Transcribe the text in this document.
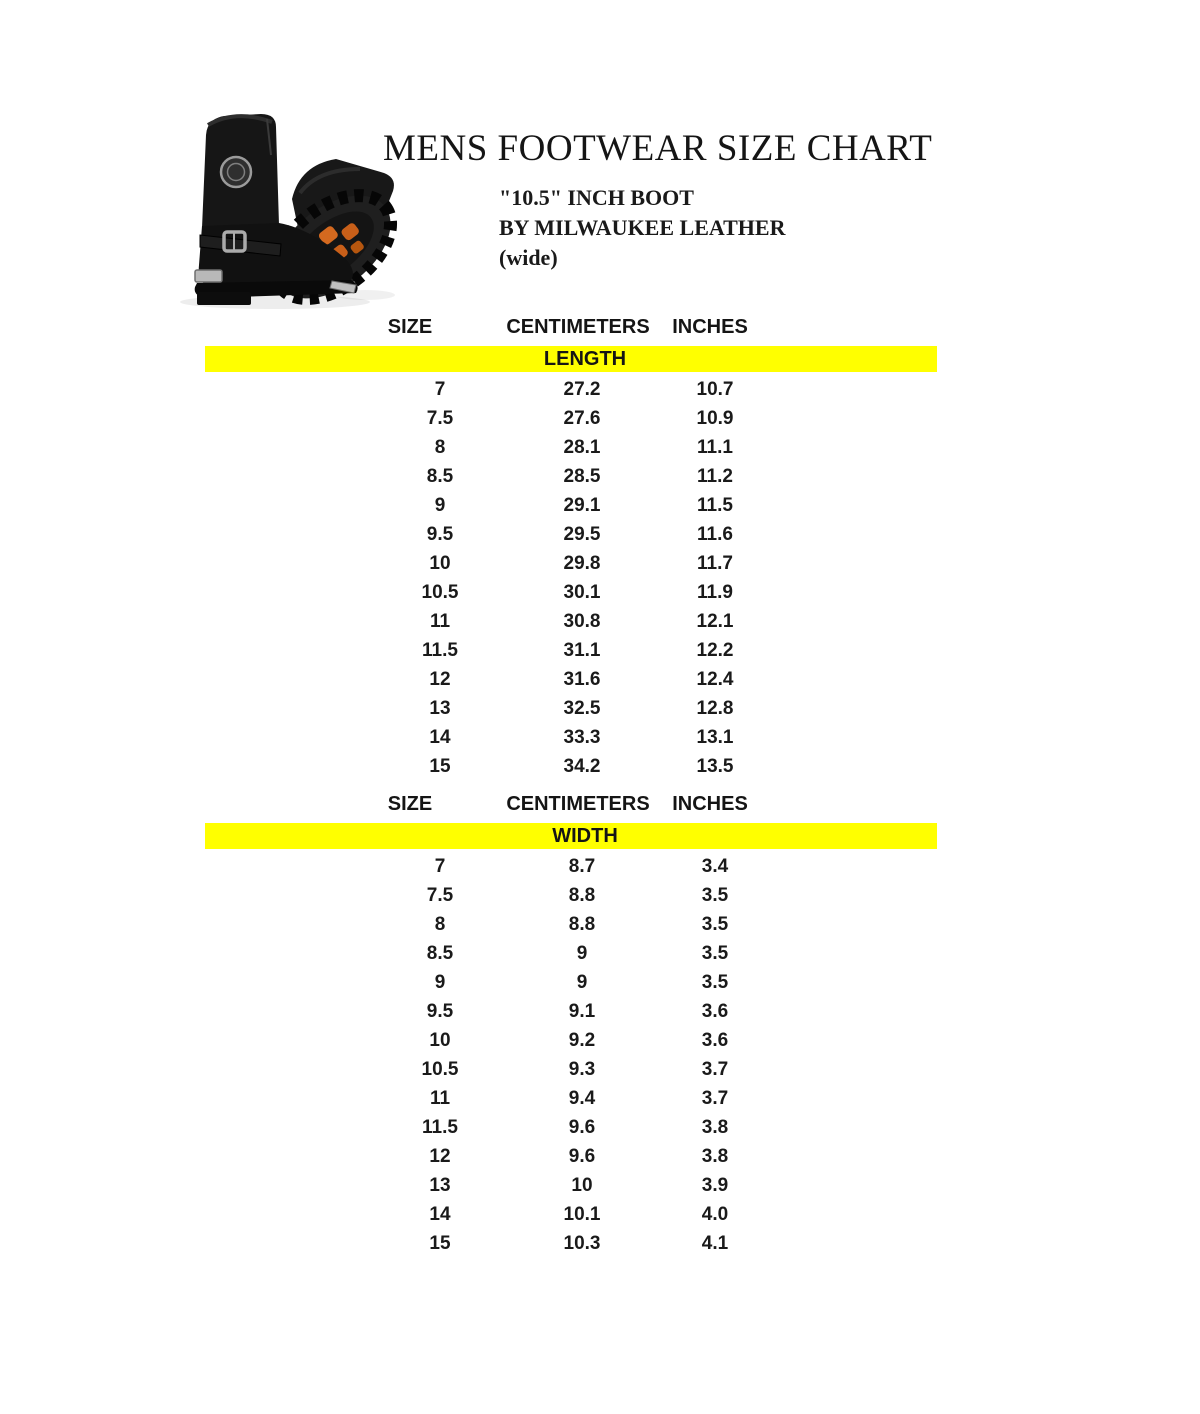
MENS FOOTWEAR SIZE CHART
"10.5" INCH BOOT
BY MILWAUKEE LEATHER
(wide)
SIZE	CENTIMETERS INCHES
LENGTH
7	27.2	10.7
7.5	27.6	10.9
8	28.1	11.1
8.5	28.5	11.2
9	29.1	11.5
9.5	29.5	11.6
10	29.8	11.7
10.5	30.1	11.9
11	30.8	12.1
11.5	31.1	12.2
12	31.6	12.4
13	32.5	12.8
14	33.3	13.1
15	34.2	13.5
SIZE	CENTIMETERS INCHES
WIDTH
7	8.7	3.4
7.5	8.8	3.5
8	8.8	3.5
8.5	9	3.5
9	9	3.5
9.5	9.1	3.6
10	9.2	3.6
10.5	9.3	3.7
11	9.4	3.7
11.5	9.6	3.8
12	9.6	3.8
13	10	3.9
14	10.1	4.0
15	10.3	4.1
